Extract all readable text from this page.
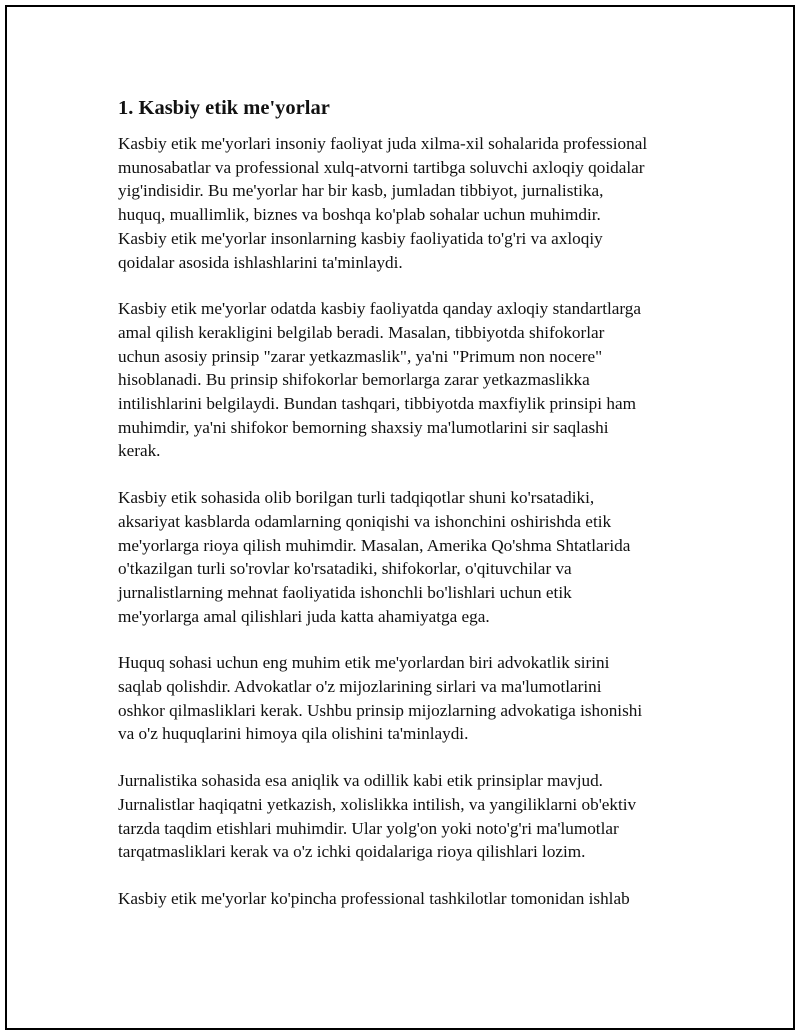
1. Kasbiy etik me'yorlar

Kasbiy etik me'yorlari insoniy faoliyat juda xilma-xil sohalarida professional
munosabatlar va professional xulq-atvorni tartibga soluvchi axloqiy qoidalar
yig'indisidir. Bu me'yorlar har bir kasb, jumladan tibbiyot, jurnalistika,
huquq, muallimlik, biznes va boshqa ko'plab sohalar uchun muhimdir.
Kasbiy etik me'yorlar insonlarning kasbiy faoliyatida to'g'ri va axloqiy
qoidalar asosida ishlashlarini ta'minlaydi.

Kasbiy etik me'yorlar odatda kasbiy faoliyatda qanday axloqiy standartlarga
amal qilish kerakligini belgilab beradi. Masalan, tibbiyotda shifokorlar
uchun asosiy prinsip "zarar yetkazmaslik", ya'ni "Primum non nocere"
hisoblanadi. Bu prinsip shifokorlar bemorlarga zarar yetkazmaslikka
intilishlarini belgilaydi. Bundan tashqari, tibbiyotda maxfiylik prinsipi ham
muhimdir, ya'ni shifokor bemorning shaxsiy ma'lumotlarini sir saqlashi
kerak.

Kasbiy etik sohasida olib borilgan turli tadqiqotlar shuni ko'rsatadiki,
aksariyat kasblarda odamlarning qoniqishi va ishonchini oshirishda etik
me'yorlarga rioya qilish muhimdir. Masalan, Amerika Qo'shma Shtatlarida
o'tkazilgan turli so'rovlar ko'rsatadiki, shifokorlar, o'qituvchilar va
jurnalistlarning mehnat faoliyatida ishonchli bo'lishlari uchun etik
me'yorlarga amal qilishlari juda katta ahamiyatga ega.

Huquq sohasi uchun eng muhim etik me'yorlardan biri advokatlik sirini
saqlab qolishdir. Advokatlar o'z mijozlarining sirlari va ma'lumotlarini
oshkor qilmasliklari kerak. Ushbu prinsip mijozlarning advokatiga ishonishi
va o'z huquqlarini himoya qila olishini ta'minlaydi.

Jurnalistika sohasida esa aniqlik va odillik kabi etik prinsiplar mavjud.
Jurnalistlar haqiqatni yetkazish, xolislikka intilish, va yangiliklarni ob'ektiv
tarzda taqdim etishlari muhimdir. Ular yolg'on yoki noto'g'ri ma'lumotlar
tarqatmasliklari kerak va o'z ichki qoidalariga rioya qilishlari lozim.

Kasbiy etik me'yorlar ko'pincha professional tashkilotlar tomonidan ishlab
